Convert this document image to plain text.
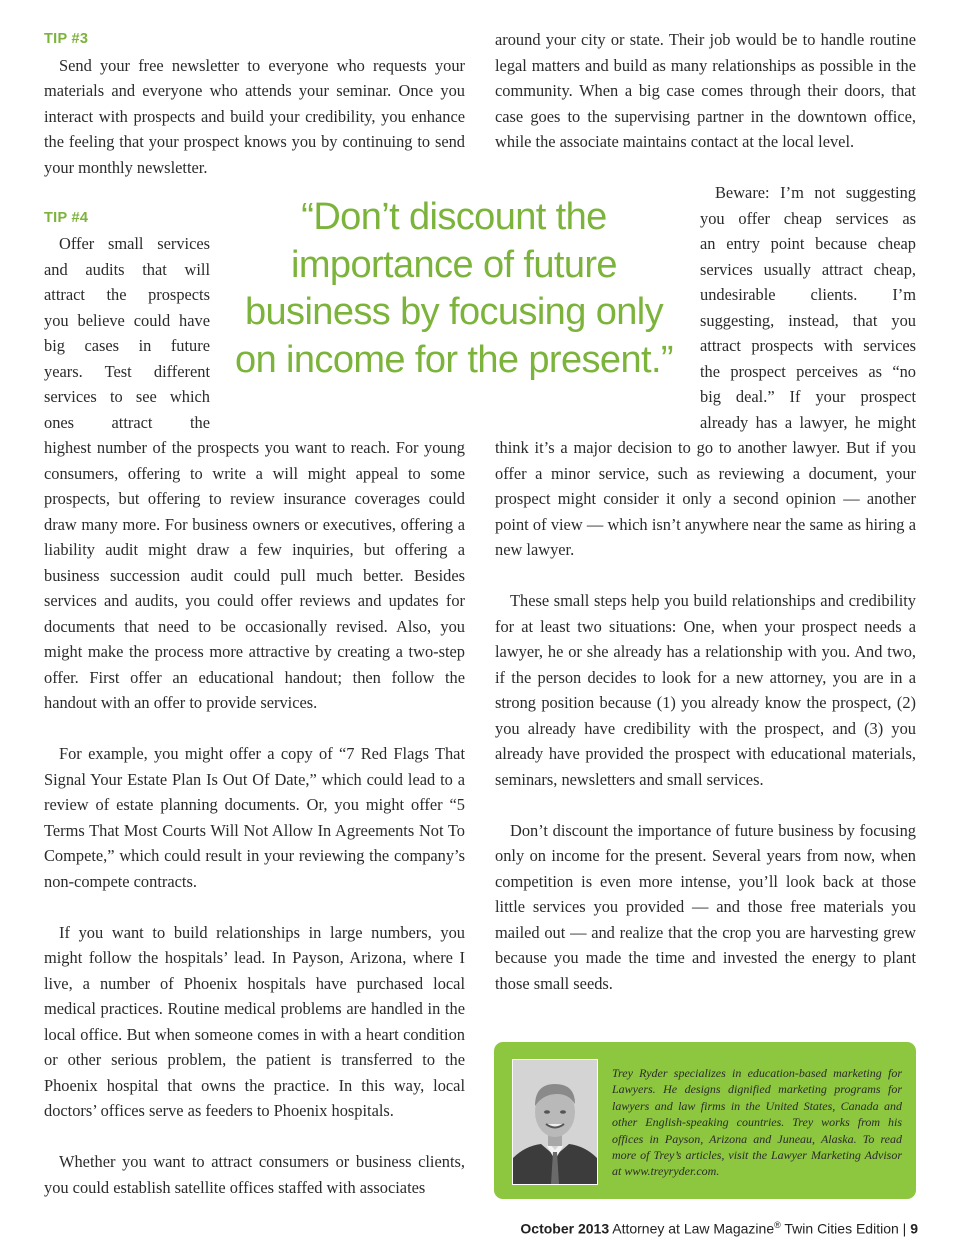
TIP #3

Send your free newsletter to everyone who requests your materials and everyone who attends your seminar. Once you interact with prospects and build your credibility, you enhance the feeling that your prospect knows you by continuing to send your monthly newsletter.

TIP #4
Offer small services
and audits that will
attract the prospects
you believe could have
big cases in future
years. Test different
services to see which
ones attract the

highest number of the prospects you want to reach. For young consumers, offering to write a will might appeal to some prospects, but offering to review insurance coverages could draw many more. For business owners or executives, offering a liability audit might draw a few inquiries, but offering a business succession audit could pull much better. Besides services and audits, you could offer reviews and updates for documents that need to be occasionally revised. Also, you might make the process more attractive by creating a two-step offer. First offer an educational handout; then follow the handout with an offer to provide services.

For example, you might offer a copy of “7 Red Flags That Signal Your Estate Plan Is Out Of Date,” which could lead to a review of estate planning documents. Or, you might offer “5 Terms That Most Courts Will Not Allow In Agreements Not To Compete,” which could result in your reviewing the company’s non-compete contracts.

If you want to build relationships in large numbers, you might follow the hospitals’ lead. In Payson, Arizona, where I live, a number of Phoenix hospitals have purchased local medical practices. Routine medical problems are handled in the local office. But when someone comes in with a heart condition or other serious problem, the patient is transferred to the Phoenix hospital that owns the practice. In this way, local doctors’ offices serve as feeders to Phoenix hospitals.

Whether you want to attract consumers or business clients, you could establish satellite offices staffed with associates

around your city or state. Their job would be to handle routine legal matters and build as many relationships as possible in the community. When a big case comes through their doors, that case goes to the supervising partner in the downtown office, while the associate maintains contact at the local level.

Beware: I’m not suggesting
you offer cheap services as
an entry point because cheap
services usually attract cheap,
undesirable clients. I’m
suggesting, instead, that you
attract prospects with services
the prospect perceives as “no
big deal.” If your prospect
already has a lawyer, he might

think it’s a major decision to go to another lawyer. But if you offer a minor service, such as reviewing a document, your prospect might consider it only a second opinion — another point of view — which isn’t anywhere near the same as hiring a new lawyer.

These small steps help you build relationships and credibility for at least two situations: One, when your prospect needs a lawyer, he or she already has a relationship with you. And two, if the person decides to look for a new attorney, you are in a strong position because (1) you already know the prospect, (2) you already have credibility with the prospect, and (3) you already have provided the prospect with educational materials, seminars, newsletters and small services.

Don’t discount the importance of future business by focusing only on income for the present. Several years from now, when competition is even more intense, you’ll look back at those little services you provided — and those free materials you mailed out — and realize that the crop you are harvesting grew because you made the time and invested the energy to plant those small seeds.

“Don’t discount the
importance of future
business by focusing only
on income for the present.”
Trey Ryder specializes in education-based marketing for Lawyers. He designs dignified marketing programs for lawyers and law firms in the United States, Canada and other English-speaking countries. Trey works from his offices in Payson, Arizona and Juneau, Alaska. To read more of Trey’s articles, visit the Lawyer Marketing Advisor at www.treyryder.com.
October 2013 Attorney at Law Magazine® Twin Cities Edition | 9
